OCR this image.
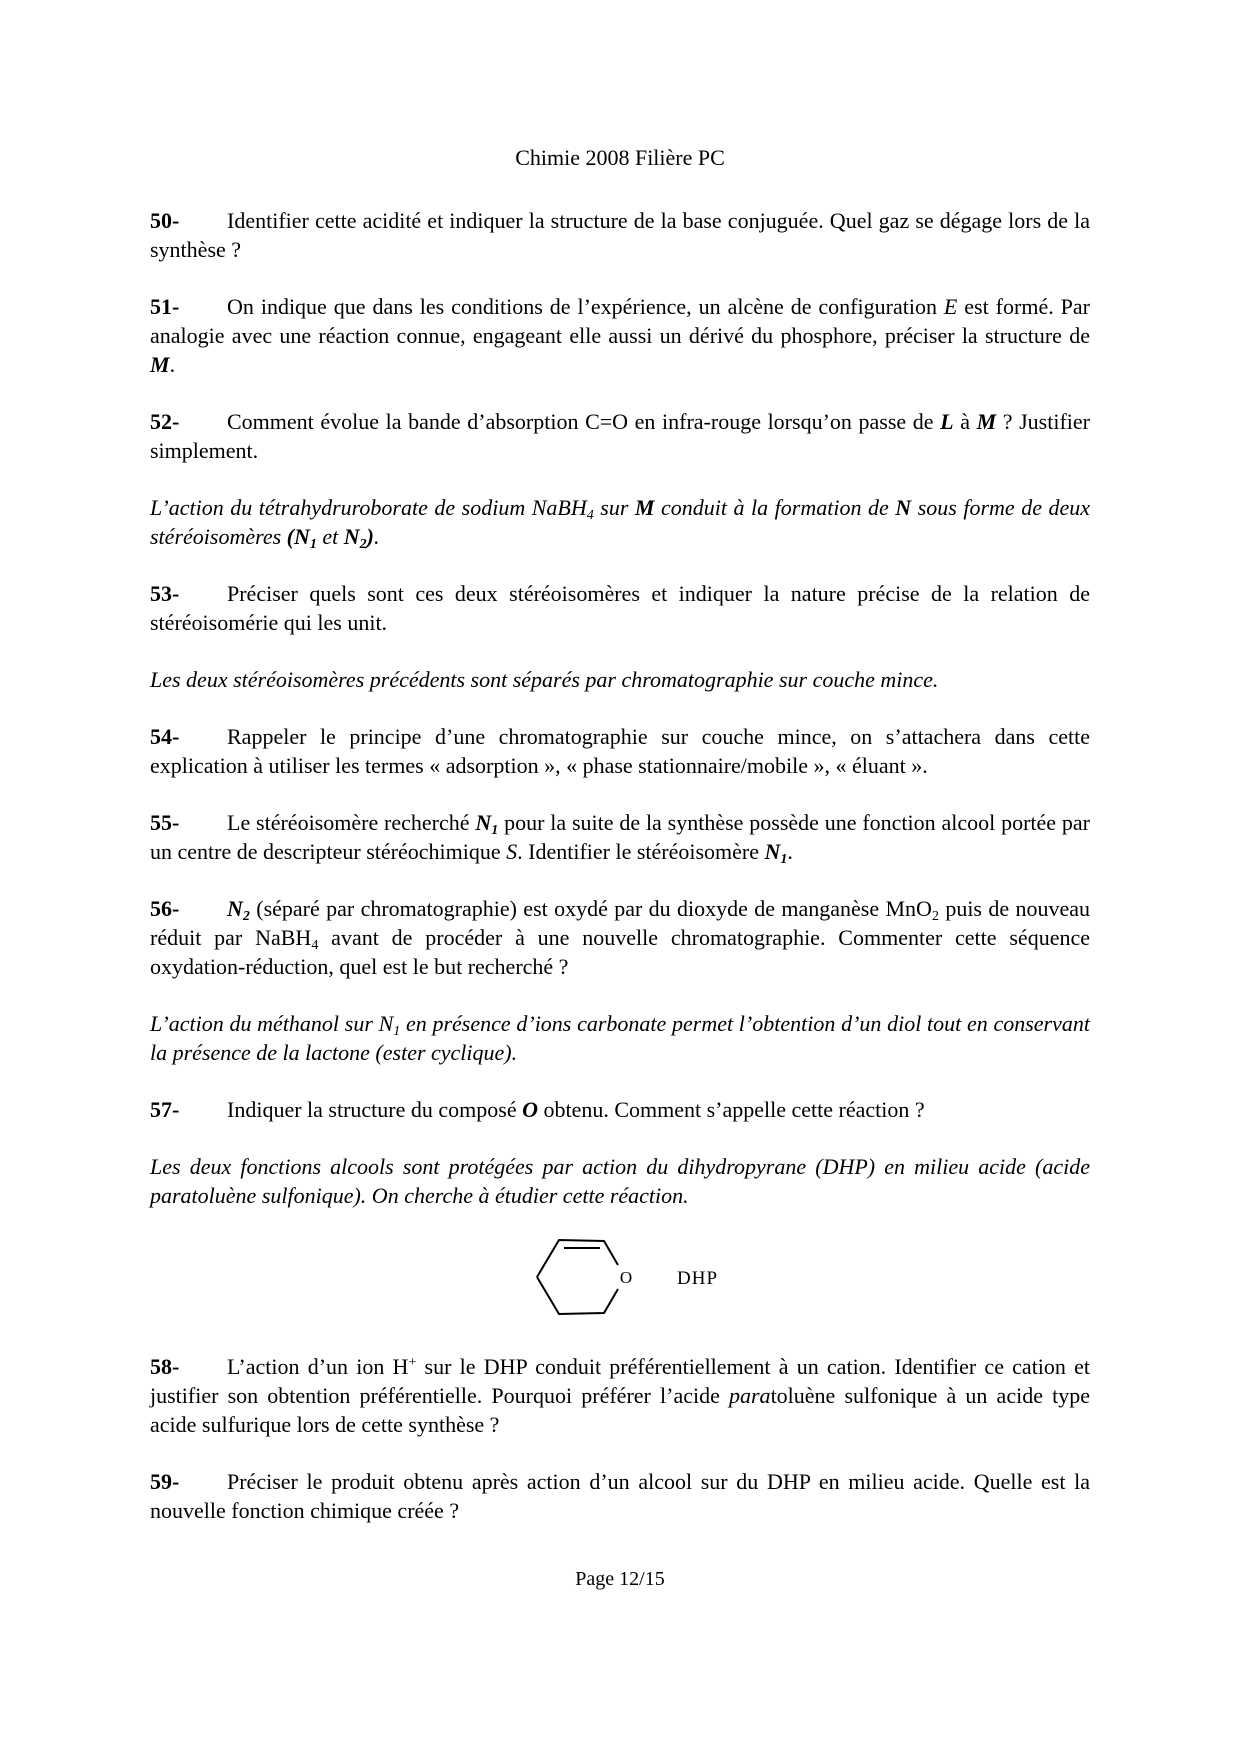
Chimie 2008 Filière PC

50- Identifier cette acidité et indiquer la structure de la base conjuguée. Quel gaz se dégage lors de la synthèse ?

51- On indique que dans les conditions de l’expérience, un alcène de configuration E est formé. Par analogie avec une réaction connue, engageant elle aussi un dérivé du phosphore, préciser la structure de M.

52- Comment évolue la bande d’absorption C=O en infra-rouge lorsqu’on passe de L à M ? Justifier simplement.

L’action du tétrahydruroborate de sodium NaBH$_4$ sur M conduit à la formation de N sous forme de deux stéréoisomères ($N_1$ et $N_2$).

53- Préciser quels sont ces deux stéréoisomères et indiquer la nature précise de la relation de stéréoisomérie qui les unit.

Les deux stéréoisomères précédents sont séparés par chromatographie sur couche mince.

54- Rappeler le principe d’une chromatographie sur couche mince, on s’attachera dans cette explication à utiliser les termes « adsorption », « phase stationnaire/mobile », « éluant ».

55- Le stéréoisomère recherché $N_1$ pour la suite de la synthèse possède une fonction alcool portée par un centre de descripteur stéréochimique S. Identifier le stéréoisomère $N_1$.

56- $N_2$ (séparé par chromatographie) est oxydé par du dioxyde de manganèse MnO$_2$ puis de nouveau réduit par NaBH$_4$ avant de procéder à une nouvelle chromatographie. Commenter cette séquence oxydation-réduction, quel est le but recherché ?

L’action du méthanol sur $N_1$ en présence d’ions carbonate permet l’obtention d’un diol tout en conservant la présence de la lactone (ester cyclique).

57- Indiquer la structure du composé O obtenu. Comment s’appelle cette réaction ?

Les deux fonctions alcools sont protégées par action du dihydropyrane (DHP) en milieu acide (acide paratoluène sulfonique). On cherche à étudier cette réaction.

O DHP

58- L’action d’un ion H+ sur le DHP conduit préférentiellement à un cation. Identifier ce cation et justifier son obtention préférentielle. Pourquoi préférer l’acide paratoluène sulfonique à un acide type acide sulfurique lors de cette synthèse ?

59- Préciser le produit obtenu après action d’un alcool sur du DHP en milieu acide. Quelle est la nouvelle fonction chimique créée ?

Page 12/15
